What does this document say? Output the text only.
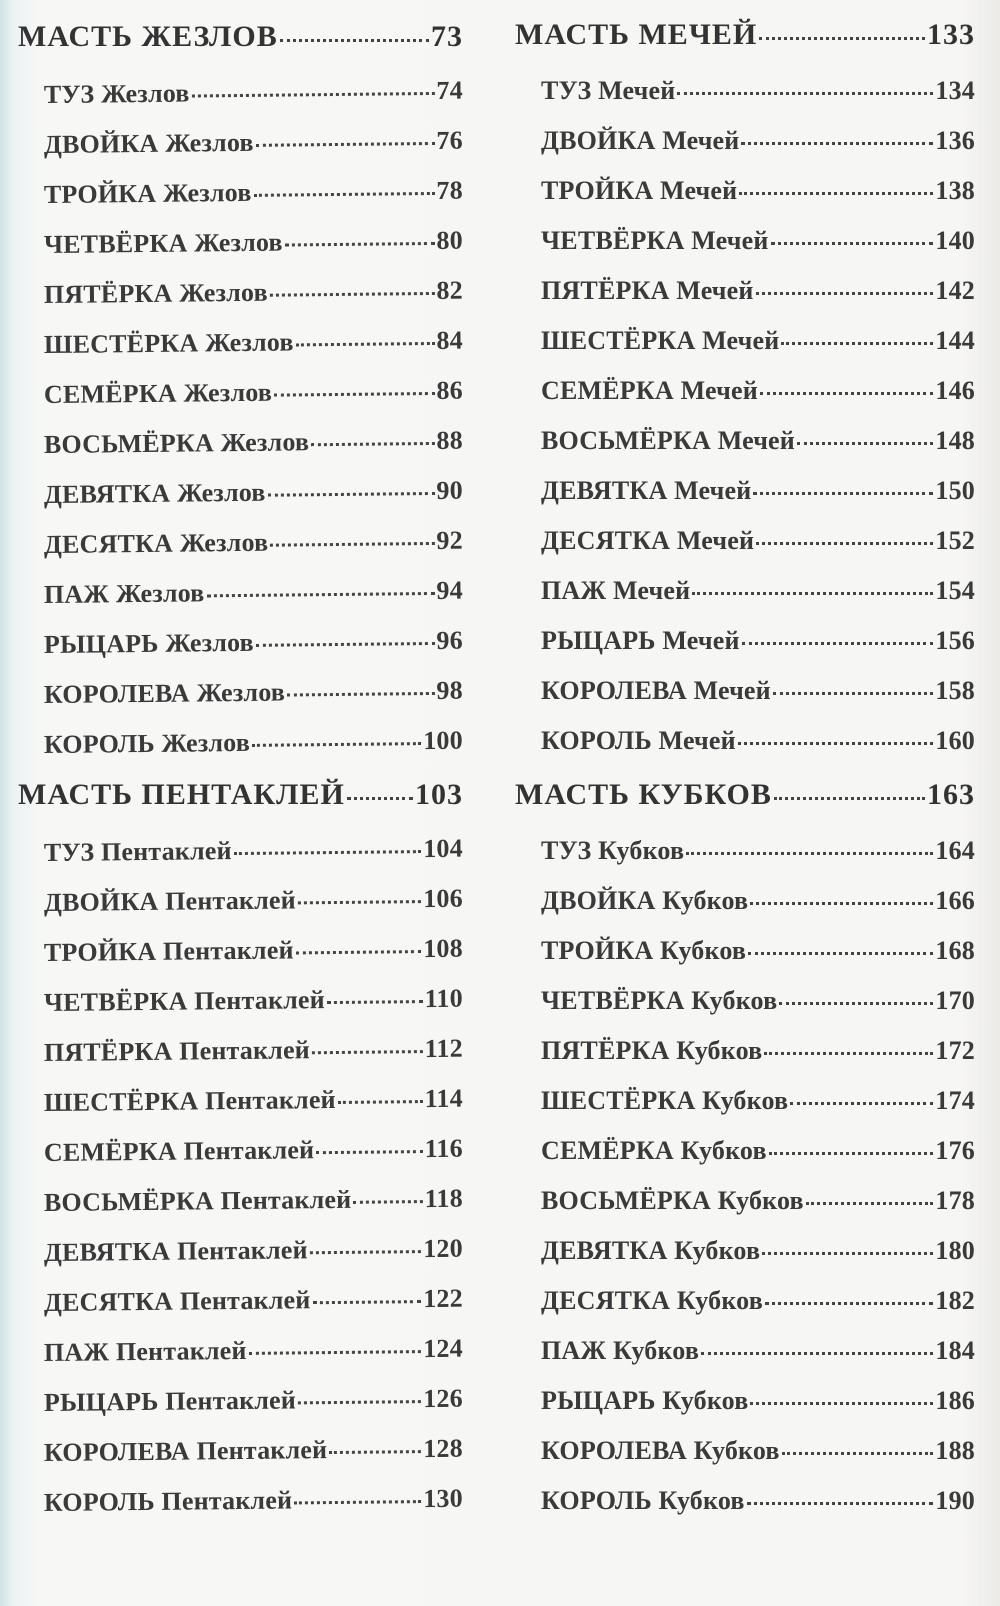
МАСТЬ ЖЕЗЛОВ	73
ТУЗ Жезлов	74
ДВОЙКА Жезлов	76
ТРОЙКА Жезлов	78
ЧЕТВЁРКА Жезлов	80
ПЯТЁРКА Жезлов	82
ШЕСТЁРКА Жезлов	84
СЕМЁРКА Жезлов	86
ВОСЬМЁРКА Жезлов	88
ДЕВЯТКА Жезлов	90
ДЕСЯТКА Жезлов	92
ПАЖ Жезлов	94
РЫЦАРЬ Жезлов	96
КОРОЛЕВА Жезлов	98
КОРОЛЬ Жезлов	100
МАСТЬ ПЕНТАКЛЕЙ 103
ТУЗ Пентаклей	104
ДВОЙКА Пентаклей	106
ТРОЙКА Пентаклей	108
ЧЕТВЁРКА Пентаклей	110
ПЯТЁРКА Пентаклей	112
ШЕСТЁРКА Пентаклей	114
СЕМЁРКА Пентаклей	116
ВОСЬМЁРКА Пентаклей	118
ДЕВЯТКА Пентаклей	120
ДЕСЯТКА Пентаклей	122
ПАЖ Пентаклей	124
РЫЦАРЬ Пентаклей	126
КОРОЛЕВА Пентаклей	128
КОРОЛЬ Пентаклей	130
МАСТЬ МЕЧЕЙ	133
ТУЗ Мечей	134
ДВОЙКА Мечей	136
ТРОЙКА Мечей	138
ЧЕТВЁРКА Мечей	140
ПЯТЁРКА Мечей	142
ШЕСТЁРКА Мечей	144
СЕМЁРКА Мечей	146
ВОСЬМЁРКА Мечей	148
ДЕВЯТКА Мечей	150
ДЕСЯТКА Мечей	152
ПАЖ Мечей	154
РЫЦАРЬ Мечей	156
КОРОЛЕВА Мечей	158
КОРОЛЬ Мечей	160
МАСТЬ КУБКОВ	163
ТУЗ Кубков	164
ДВОЙКА Кубков	166
ТРОЙКА Кубков	168
ЧЕТВЁРКА Кубков	170
ПЯТЁРКА Кубков	172
ШЕСТЁРКА Кубков	174
СЕМЁРКА Кубков	176
ВОСЬМЁРКА Кубков	178
ДЕВЯТКА Кубков	180
ДЕСЯТКА Кубков	182
ПАЖ Кубков	184
РЫЦАРЬ Кубков	186
КОРОЛЕВА Кубков	188
КОРОЛЬ Кубков	190
